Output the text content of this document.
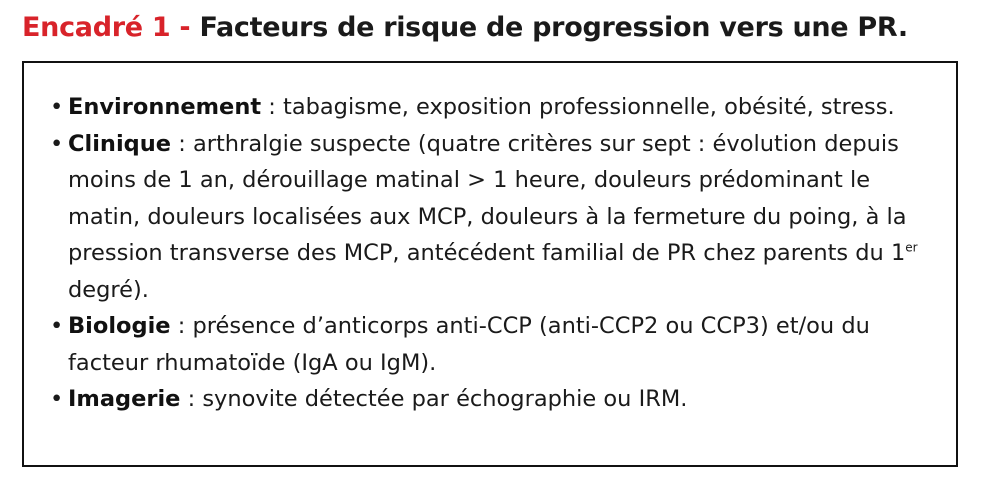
Encadré 1 - Facteurs de risque de progression vers une PR.
• Environnement : tabagisme, exposition professionnelle, obésité, stress.
• Clinique : arthralgie suspecte (quatre critères sur sept : évolution depuis moins de 1 an, dérouillage matinal > 1 heure, douleurs prédominant le matin, douleurs localisées aux MCP, douleurs à la fermeture du poing, à la pression transverse des MCP, antécédent familial de PR chez parents du 1er degré).
• Biologie : présence d’anticorps anti-CCP (anti-CCP2 ou CCP3) et/ou du facteur rhumatoïde (IgA ou IgM).
• Imagerie : synovite détectée par échographie ou IRM.
